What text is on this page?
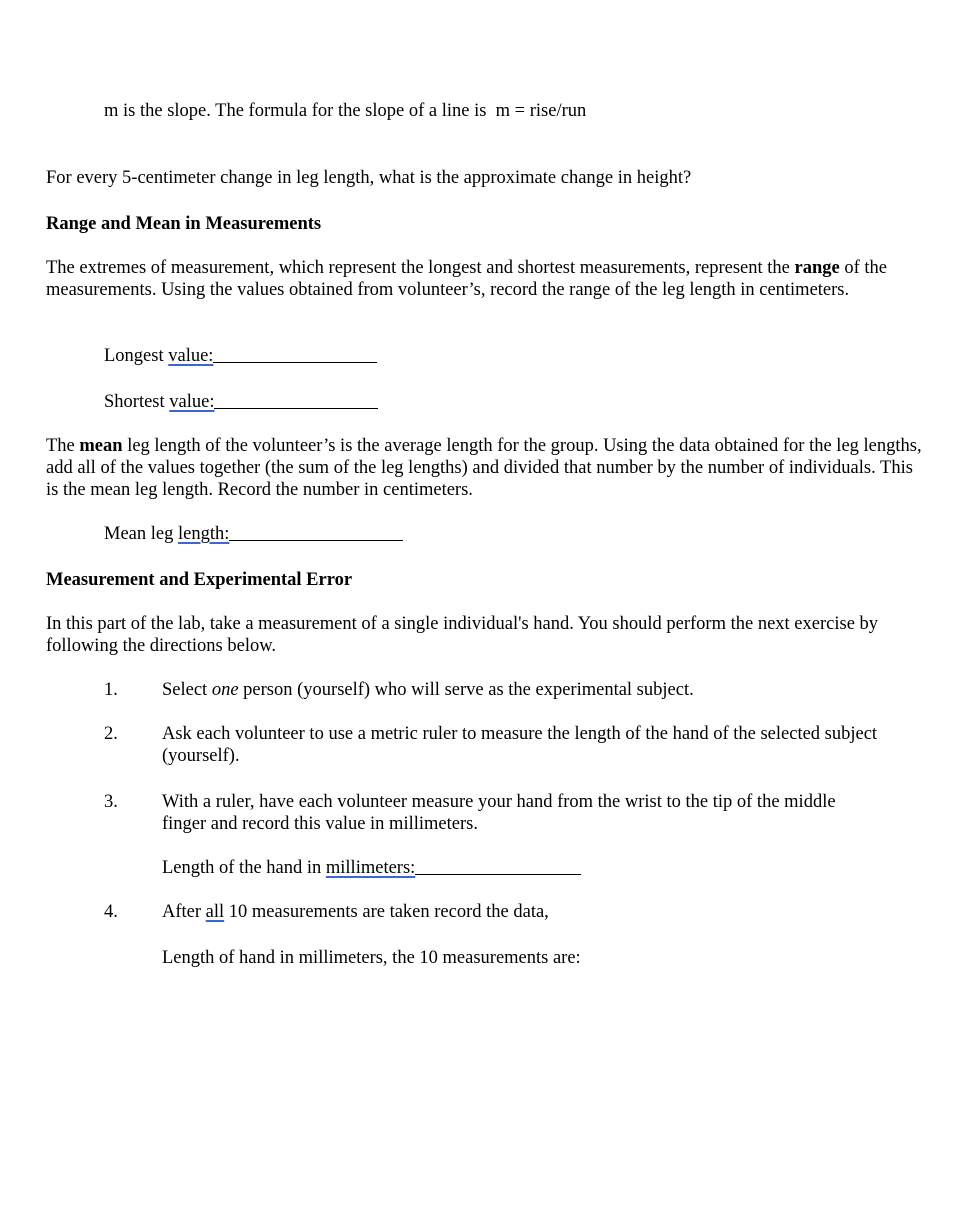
m is the slope. The formula for the slope of a line is m = rise/run
For every 5-centimeter change in leg length, what is the approximate change in height?
Range and Mean in Measurements
The extremes of measurement, which represent the longest and shortest measurements, represent the range of the measurements. Using the values obtained from volunteer’s, record the range of the leg length in centimeters.
Longest value:
Shortest value:
The mean leg length of the volunteer’s is the average length for the group. Using the data obtained for the leg lengths, add all of the values together (the sum of the leg lengths) and divided that number by the number of individuals. This is the mean leg length. Record the number in centimeters.
Mean leg length:
Measurement and Experimental Error
In this part of the lab, take a measurement of a single individual's hand. You should perform the next exercise by following the directions below.
1. Select one person (yourself) who will serve as the experimental subject.
2. Ask each volunteer to use a metric ruler to measure the length of the hand of the selected subject (yourself).
3. With a ruler, have each volunteer measure your hand from the wrist to the tip of the middle finger and record this value in millimeters.
Length of the hand in millimeters:
4. After all 10 measurements are taken record the data,
Length of hand in millimeters, the 10 measurements are:
